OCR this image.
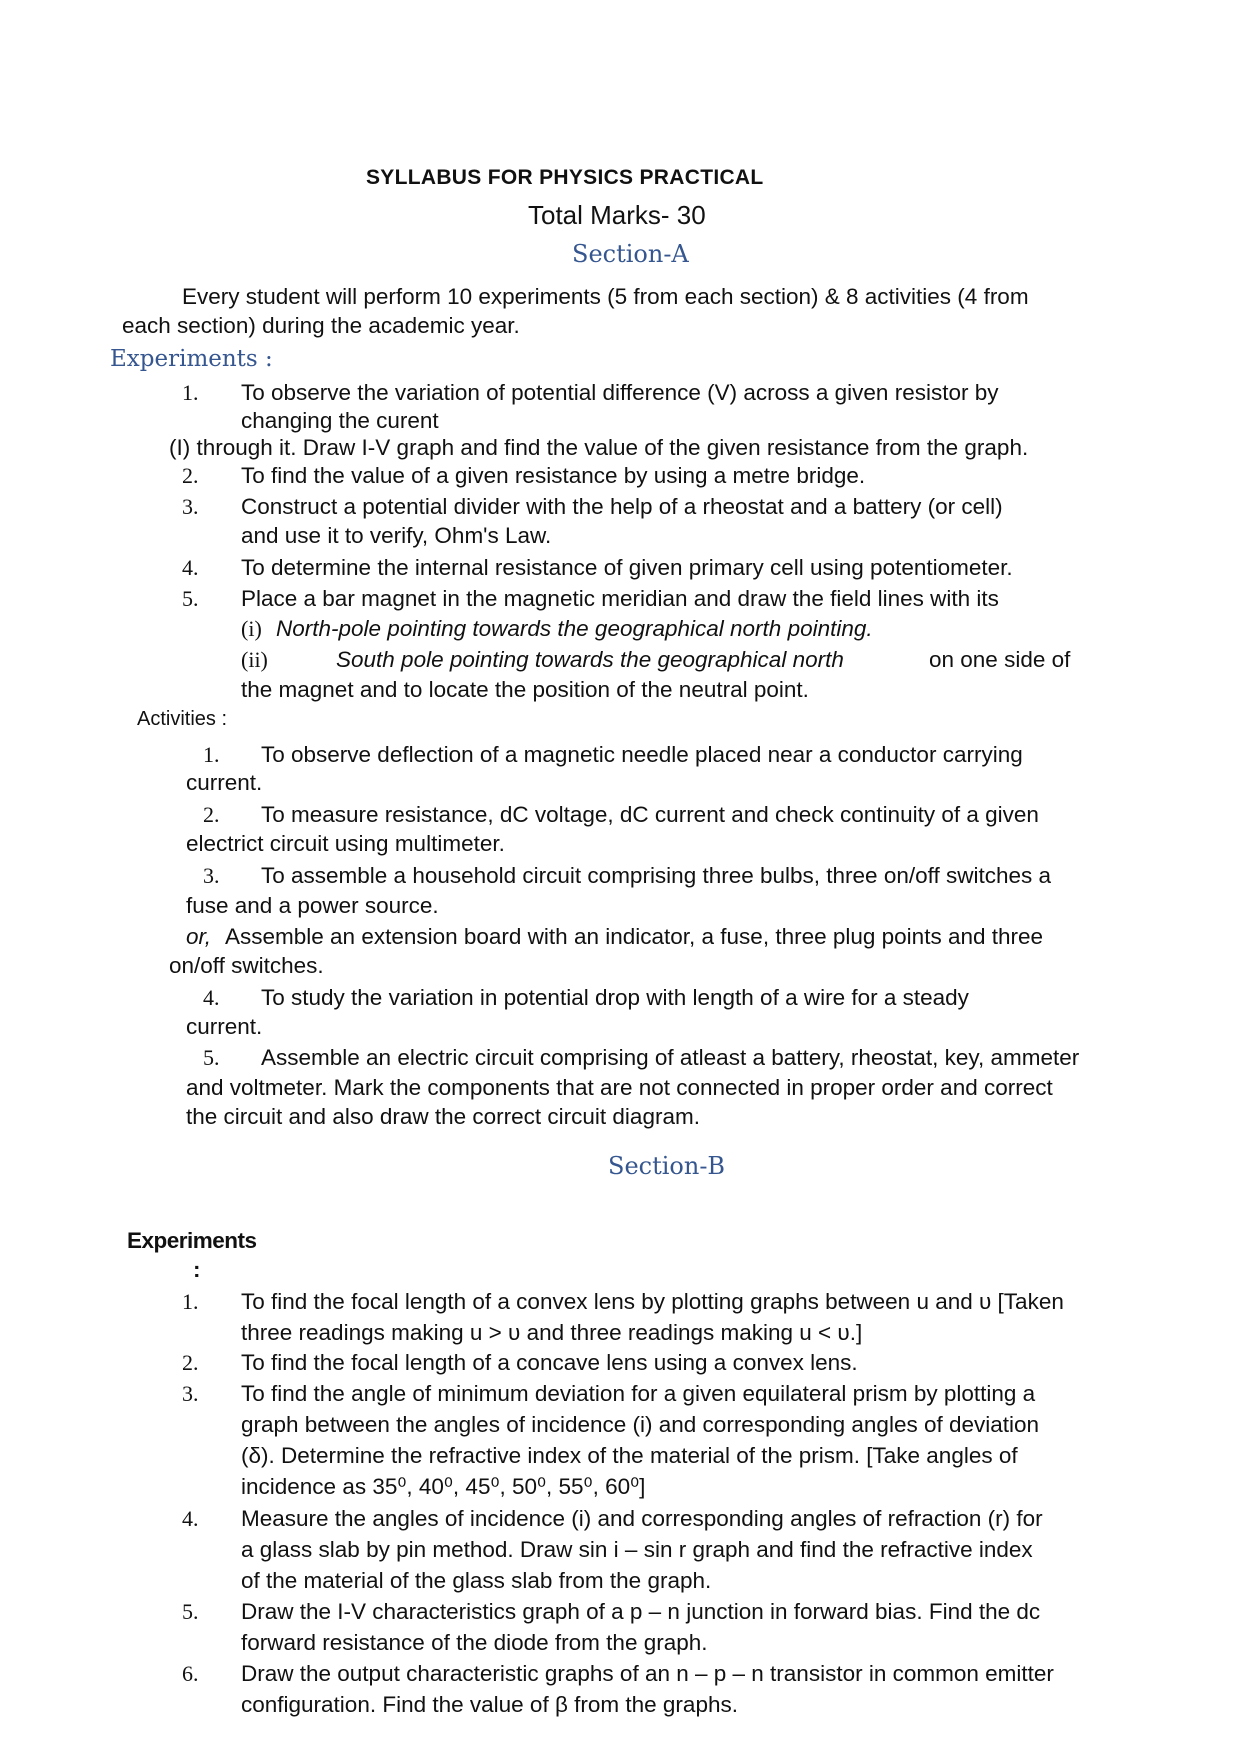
SYLLABUS FOR PHYSICS PRACTICAL
Total Marks- 30
Section-A
Every student will perform 10 experiments (5 from each section) & 8 activities (4 from
each section) during the academic year.
Experiments :
1. To observe the variation of potential difference (V) across a given resistor by
changing the curent
(I) through it. Draw I-V graph and find the value of the given resistance from the graph.
2. To find the value of a given resistance by using a metre bridge.
3. Construct a potential divider with the help of a rheostat and a battery (or cell)
and use it to verify, Ohm's Law.
4. To determine the internal resistance of given primary cell using potentiometer.
5. Place a bar magnet in the magnetic meridian and draw the field lines with its
(i) North-pole pointing towards the geographical north pointing.
(ii)	South pole pointing towards the geographical north	on one side of
the magnet and to locate the position of the neutral point.
Activities :
1. To observe deflection of a magnetic needle placed near a conductor carrying
current.
2. To measure resistance, dC voltage, dC current and check continuity of a given
electrict circuit using multimeter.
3. To assemble a household circuit comprising three bulbs, three on/off switches a
fuse and a power source.
or, Assemble an extension board with an indicator, a fuse, three plug points and three
on/off switches.
4. To study the variation in potential drop with length of a wire for a steady
current.
5. Assemble an electric circuit comprising of atleast a battery, rheostat, key, ammeter
and voltmeter. Mark the components that are not connected in proper order and correct
the circuit and also draw the correct circuit diagram.
Section-B
Experiments
:
1. To find the focal length of a convex lens by plotting graphs between u and υ [Taken
three readings making u > υ and three readings making u < υ.]
2. To find the focal length of a concave lens using a convex lens.
3. To find the angle of minimum deviation for a given equilateral prism by plotting a
graph between the angles of incidence (i) and corresponding angles of deviation
(δ). Determine the refractive index of the material of the prism. [Take angles of
incidence as 35⁰, 40⁰, 45⁰, 50⁰, 55⁰, 60⁰]
4. Measure the angles of incidence (i) and corresponding angles of refraction (r) for
a glass slab by pin method. Draw sin i – sin r graph and find the refractive index
of the material of the glass slab from the graph.
5. Draw the I-V characteristics graph of a p – n junction in forward bias. Find the dc
forward resistance of the diode from the graph.
6. Draw the output characteristic graphs of an n – p – n transistor in common emitter
configuration. Find the value of β from the graphs.
